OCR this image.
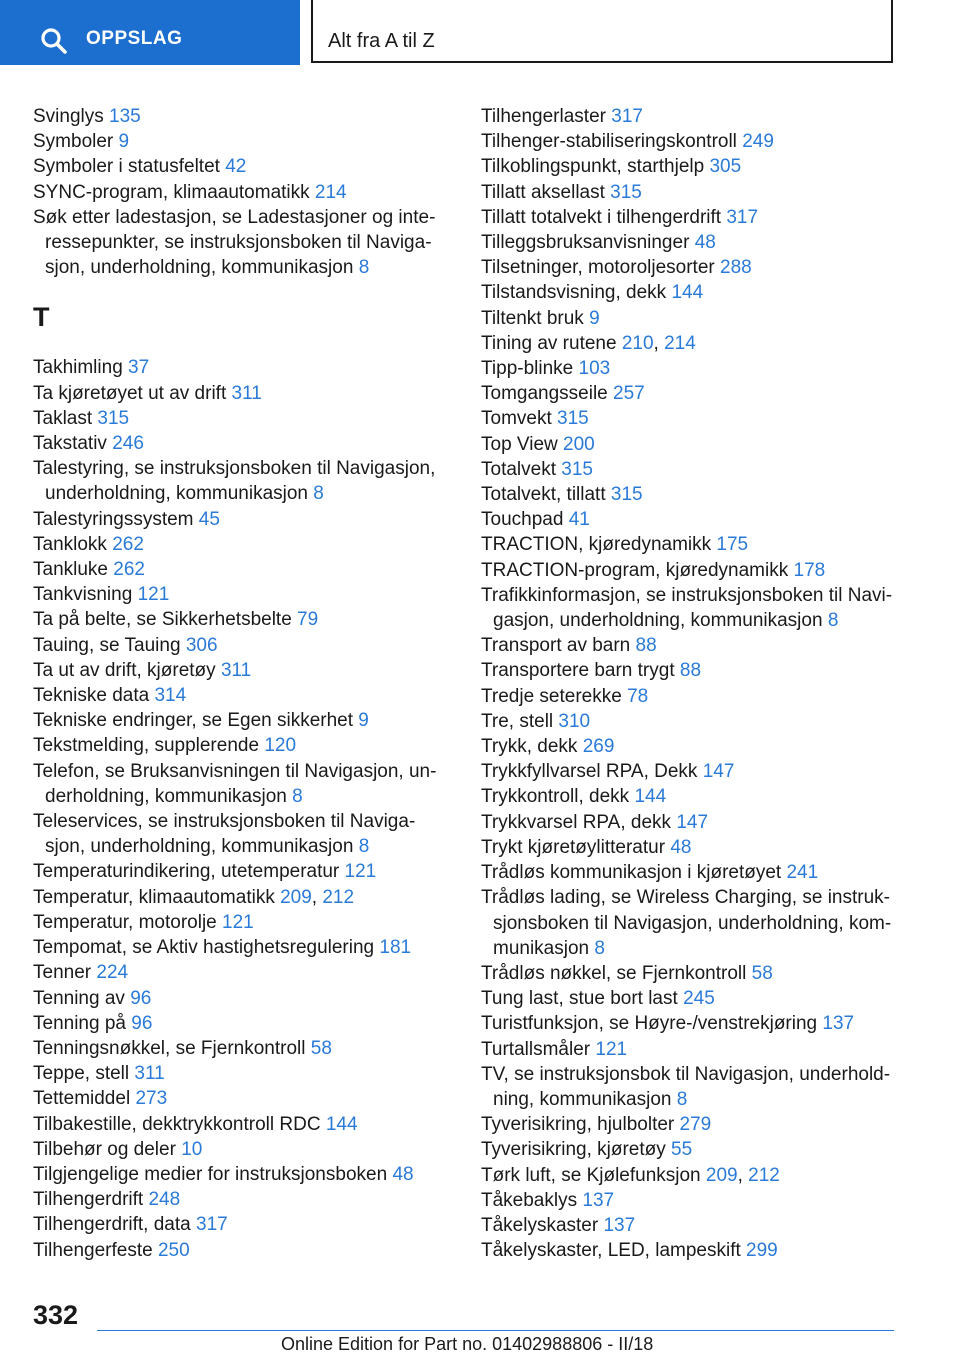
OPPSLAG	Alt fra A til Z
Svinglys 135
Symboler 9
Symboler i statusfeltet 42
SYNC-program, klimaautomatikk 214
Søk etter ladestasjon, se Ladestasjoner og interessepunkter, se instruksjonsboken til Navigasjon, underholdning, kommunikasjon 8
T
Takhimling 37
Ta kjøretøyet ut av drift 311
Taklast 315
Takstativ 246
Talestyring, se instruksjonsboken til Navigasjon, underholdning, kommunikasjon 8
Talestyringssystem 45
Tanklokk 262
Tankluke 262
Tankvisning 121
Ta på belte, se Sikkerhetsbelte 79
Tauing, se Tauing 306
Ta ut av drift, kjøretøy 311
Tekniske data 314
Tekniske endringer, se Egen sikkerhet 9
Tekstmelding, supplerende 120
Telefon, se Bruksanvisningen til Navigasjon, underholdning, kommunikasjon 8
Teleservices, se instruksjonsboken til Navigasjon, underholdning, kommunikasjon 8
Temperaturindikering, utetemperatur 121
Temperatur, klimaautomatikk 209, 212
Temperatur, motorolje 121
Tempomat, se Aktiv hastighetsregulering 181
Tenner 224
Tenning av 96
Tenning på 96
Tenningsnøkkel, se Fjernkontroll 58
Teppe, stell 311
Tettemiddel 273
Tilbakestille, dekktrykkontroll RDC 144
Tilbehør og deler 10
Tilgjengelige medier for instruksjonsboken 48
Tilhengerdrift 248
Tilhengerdrift, data 317
Tilhengerfeste 250
Tilhengerlaster 317
Tilhenger-stabiliseringskontroll 249
Tilkoblingspunkt, starthjelp 305
Tillatt aksellast 315
Tillatt totalvekt i tilhengerdrift 317
Tilleggsbruksanvisninger 48
Tilsetninger, motoroljesorter 288
Tilstandsvisning, dekk 144
Tiltenkt bruk 9
Tining av rutene 210, 214
Tipp-blinke 103
Tomgangsseile 257
Tomvekt 315
Top View 200
Totalvekt 315
Totalvekt, tillatt 315
Touchpad 41
TRACTION, kjøredynamikk 175
TRACTION-program, kjøredynamikk 178
Trafikkinformasjon, se instruksjonsboken til Navigasjon, underholdning, kommunikasjon 8
Transport av barn 88
Transportere barn trygt 88
Tredje seterekke 78
Tre, stell 310
Trykk, dekk 269
Trykkfyllvarsel RPA, Dekk 147
Trykkontroll, dekk 144
Trykkvarsel RPA, dekk 147
Trykt kjøretøylitteratur 48
Trådløs kommunikasjon i kjøretøyet 241
Trådløs lading, se Wireless Charging, se instruksjonsboken til Navigasjon, underholdning, kommunikasjon 8
Trådløs nøkkel, se Fjernkontroll 58
Tung last, stue bort last 245
Turistfunksjon, se Høyre-/venstrekjøring 137
Turtallsmåler 121
TV, se instruksjonsbok til Navigasjon, underholdning, kommunikasjon 8
Tyverisikring, hjulbolter 279
Tyverisikring, kjøretøy 55
Tørk luft, se Kjølefunksjon 209, 212
Tåkebaklys 137
Tåkelyskaster 137
Tåkelyskaster, LED, lampeskift 299
332
Online Edition for Part no. 01402988806 - II/18
